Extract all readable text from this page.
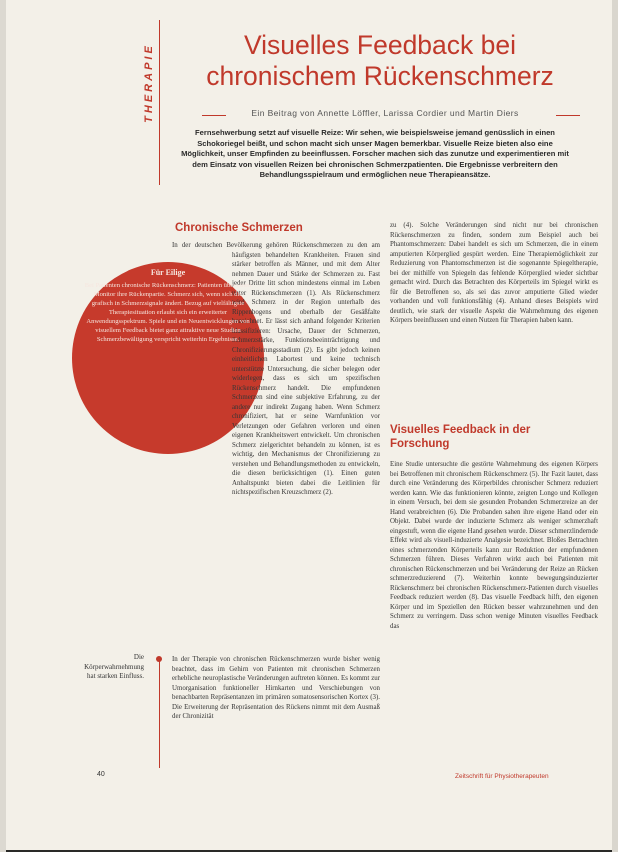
THERAPIE	Visuelles Feedback bei
chronischem Rückenschmerz
Ein Beitrag von Annette Löffler, Larissa Cordier und Martin Diers
Fernsehwerbung setzt auf visuelle Reize: Wir sehen, wie beispielsweise jemand genüsslich in einen Schokoriegel beißt, und schon macht sich unser Magen bemerkbar. Visuelle Reize bieten also eine Möglichkeit, unser Empfinden zu beeinflussen. Forscher machen sich das zunutze und experimentieren mit dem Einsatz von visuellen Reizen bei chronischen Schmerzpatienten. Die Ergebnisse verbreitern den Behandlungsspielraum und ermöglichen neue Therapieansätze.
Chronische Schmerzen

In der deutschen Bevölkerung gehören Rückenschmerzen zu den am häufigsten behandelten Krankheiten. Frauen sind stärker betroffen als Männer, und mit dem Alter nehmen Dauer und Stärke der Schmerzen zu. Fast jeder Dritte litt schon mindestens einmal im Leben unter Rückenschmerzen (1). Als Rückenschmerz wird Schmerz in der Region unterhalb des Rippenbogens und oberhalb der Gesäßfalte bezeichnet. Er lässt sich anhand folgender Kriterien klassifizieren: Ursache, Dauer der Schmerzen, Schmerzstärke, Funktionsbeeinträchtigung und Chronifizierungsstadium (2). Es gibt jedoch keinen einheitlichen Labortest und keine technisch unterstützte Untersuchung, die sicher belegen oder widerlegen, dass es sich um spezifischen Rückenschmerz handelt. Die empfundenen Schmerzen sind eine subjektive Erfahrung, zu der andere nur indirekt Zugang haben. Wenn Schmerz chronifiziert, hat er seine Warnfunktion vor Verletzungen oder Gefahren verloren und einen eigenen Krankheitswert entwickelt. Um chronischen Schmerz zielgerichtet behandeln zu können, ist es wichtig, den Mechanismus der Chronifizierung zu verstehen und Behandlungsmethoden zu entwickeln, die diesen berücksichtigen (1). Einen guten Anhaltspunkt bieten dabei die Leitlinien für nichtspezifischen Kreuzschmerz (2).

Für Eilige
Bei Patienten chronische Rückenschmerz: Patienten über einen Monitor ihre Rückenpartie. Schmerz sich, wenn sich die grafisch in Schmerzsignale ändert. Bezug auf vielfältigste Therapiesituation erlaubt sich ein erweiterter Anwendungsspektrum. Spiele und ein Neuentwicklungen von visuellem Feedback bietet ganz attraktive neue Studien Schmerzbewältigung verspricht weiterhin Ergebnisse.
Die Körperwahrnehmung hat starken Einfluss.

In der Therapie von chronischen Rückenschmerzen wurde bisher wenig beachtet, dass im Gehirn von Patienten mit chronischen Schmerzen erhebliche neuroplastische Veränderungen auftreten können. Es kommt zur Umorganisation funktioneller Hirnkarten und Verschiebungen von benachbarten Repräsentanzen im primären somatosensorischen Kortex (3). Die Erweiterung der Repräsentation des Rückens nimmt mit dem Ausmaß der Chronizität

zu (4). Solche Veränderungen sind nicht nur bei chronischen Rückenschmerzen zu finden, sondern zum Beispiel auch bei Phantomschmerzen: Dabei handelt es sich um Schmerzen, die in einem amputierten Körperglied gespürt werden. Eine Therapiemöglichkeit zur Reduzierung von Phantomschmerzen ist die sogenannte Spiegeltherapie, bei der mithilfe von Spiegeln das fehlende Körperglied wieder sichtbar gemacht wird. Durch das Betrachten des Körperteils im Spiegel wirkt es für die Betroffenen so, als sei das zuvor amputierte Glied wieder vorhanden und voll funktionsfähig (4). Anhand dieses Beispiels wird deutlich, wie stark der visuelle Aspekt die Wahrnehmung des eigenen Körpers beeinflussen und einen Nutzen für Therapien haben kann.

Visuelles Feedback in der
Forschung

Eine Studie untersuchte die gestörte Wahrnehmung des eigenen Körpers bei Betroffenen mit chronischem Rückenschmerz (5). Ihr Fazit lautet, dass durch eine Veränderung des Körperbildes chronischer Schmerz reduziert werden kann. Wie das funktionieren könnte, zeigten Longo und Kollegen in einem Versuch, bei dem sie gesunden Probanden Schmerzreize an der Hand verabreichten (6). Die Probanden sahen ihre eigene Hand oder ein Objekt. Dabei wurde der induzierte Schmerz als weniger schmerzhaft eingestuft, wenn die eigene Hand gesehen wurde. Dieser schmerzlindernde Effekt wird als visuell-induzierte Analgesie bezeichnet. Bloßes Betrachten eines schmerzenden Körperteils kann zur Reduktion der empfundenen Schmerzen führen. Dieses Verfahren wirkt auch bei Patienten mit chronischen Rückenschmerzen und bei Veränderung der Reize an Rücken schmerzreduzierend (7). Weiterhin konnte bewegungsinduzierter Rückenschmerz bei chronischen Rückenschmerz-Patienten durch visuelles Feedback reduziert werden (8). Das visuelle Feedback hilft, den eigenen Körper und im Speziellen den Rücken besser wahrzunehmen und den Schmerz zu verringern. Dass schon wenige Minuten visuelles Feedback das

40	Zeitschrift für Physiotherapeuten
